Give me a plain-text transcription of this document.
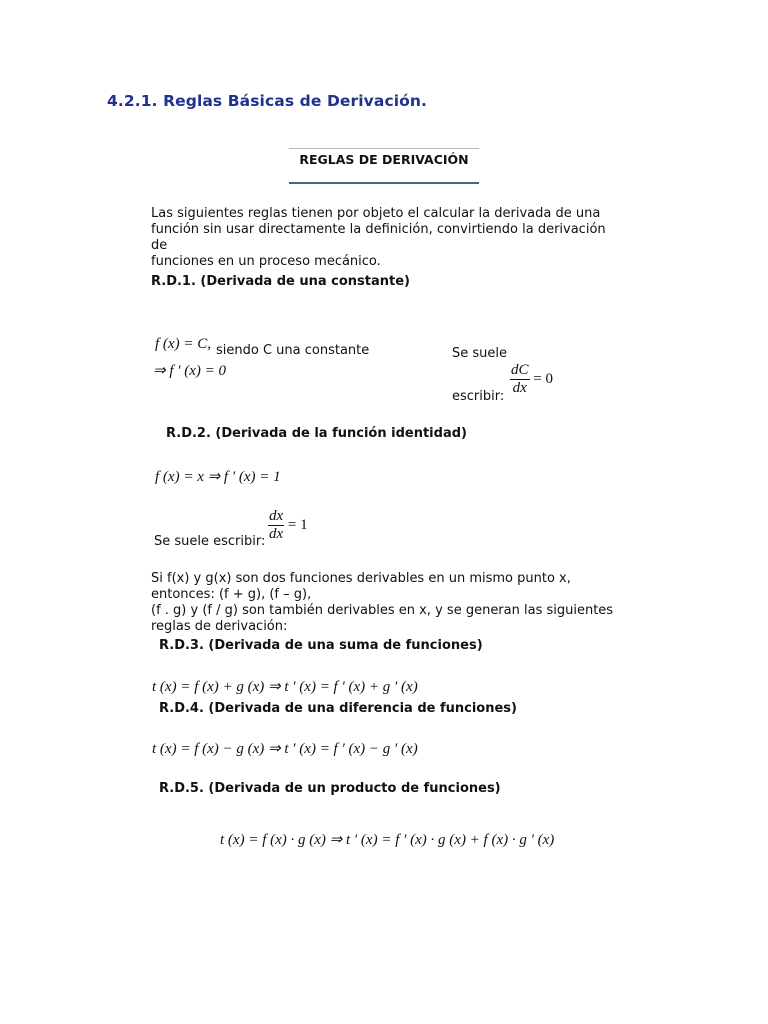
4.2.1. Reglas Básicas de Derivación.
REGLAS DE DERIVACIÓN
Las siguientes reglas tienen por objeto el calcular la derivada de una
función sin usar directamente la definición, convirtiendo la derivación de
funciones en un proceso mecánico.
R.D.1. (Derivada de una constante)
f (x) = C, siendo C una constante
⇒ f ′ (x) = 0
Se suele
escribir: $\frac{dC}{dx} = 0$
R.D.2. (Derivada de la función identidad)
f (x) = x ⇒ f ′ (x) = 1
Se suele escribir: $\frac{dx}{dx} = 1$
Si f(x) y g(x) son dos funciones derivables en un mismo punto x,
entonces: (f + g), (f – g),
(f . g) y (f / g) son también derivables en x, y se generan las siguientes
reglas de derivación:
R.D.3. (Derivada de una suma de funciones)
t (x) = f (x) + g (x) ⇒ t ′ (x) = f ′ (x) + g ′ (x)
R.D.4. (Derivada de una diferencia de funciones)
t (x) = f (x) − g (x) ⇒ t ′ (x) = f ′ (x) − g ′ (x)
R.D.5. (Derivada de un producto de funciones)
t (x) = f (x) · g (x) ⇒ t ′ (x) = f ′ (x) · g (x) + f (x) · g ′ (x)
